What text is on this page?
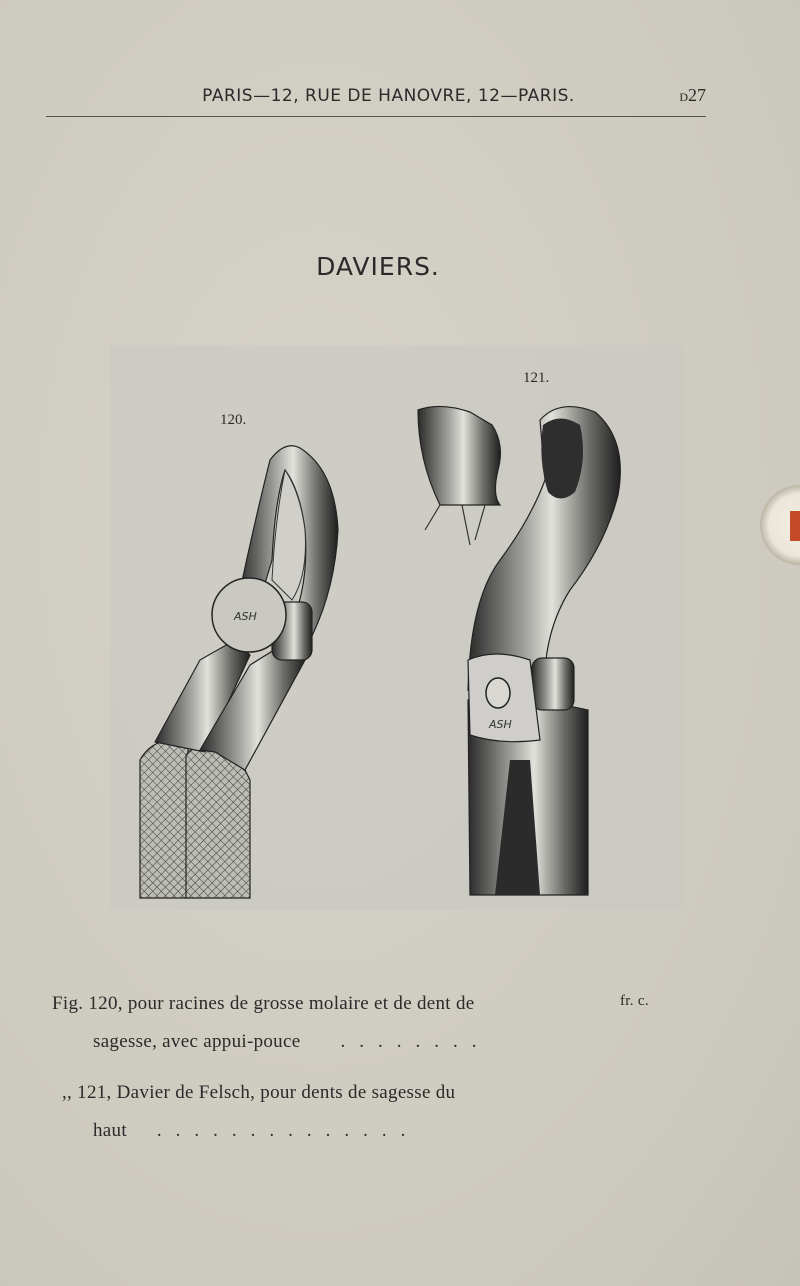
PARIS—12, RUE DE HANOVRE, 12—PARIS.	D27
DAVIERS.
ASH
ASH
120.
121.
fr. c.
Fig. 120, pour racines de grosse molaire et de dent de
sagesse, avec appui-pouce ........
,, 121, Davier de Felsch, pour dents de sagesse du
haut ..............
